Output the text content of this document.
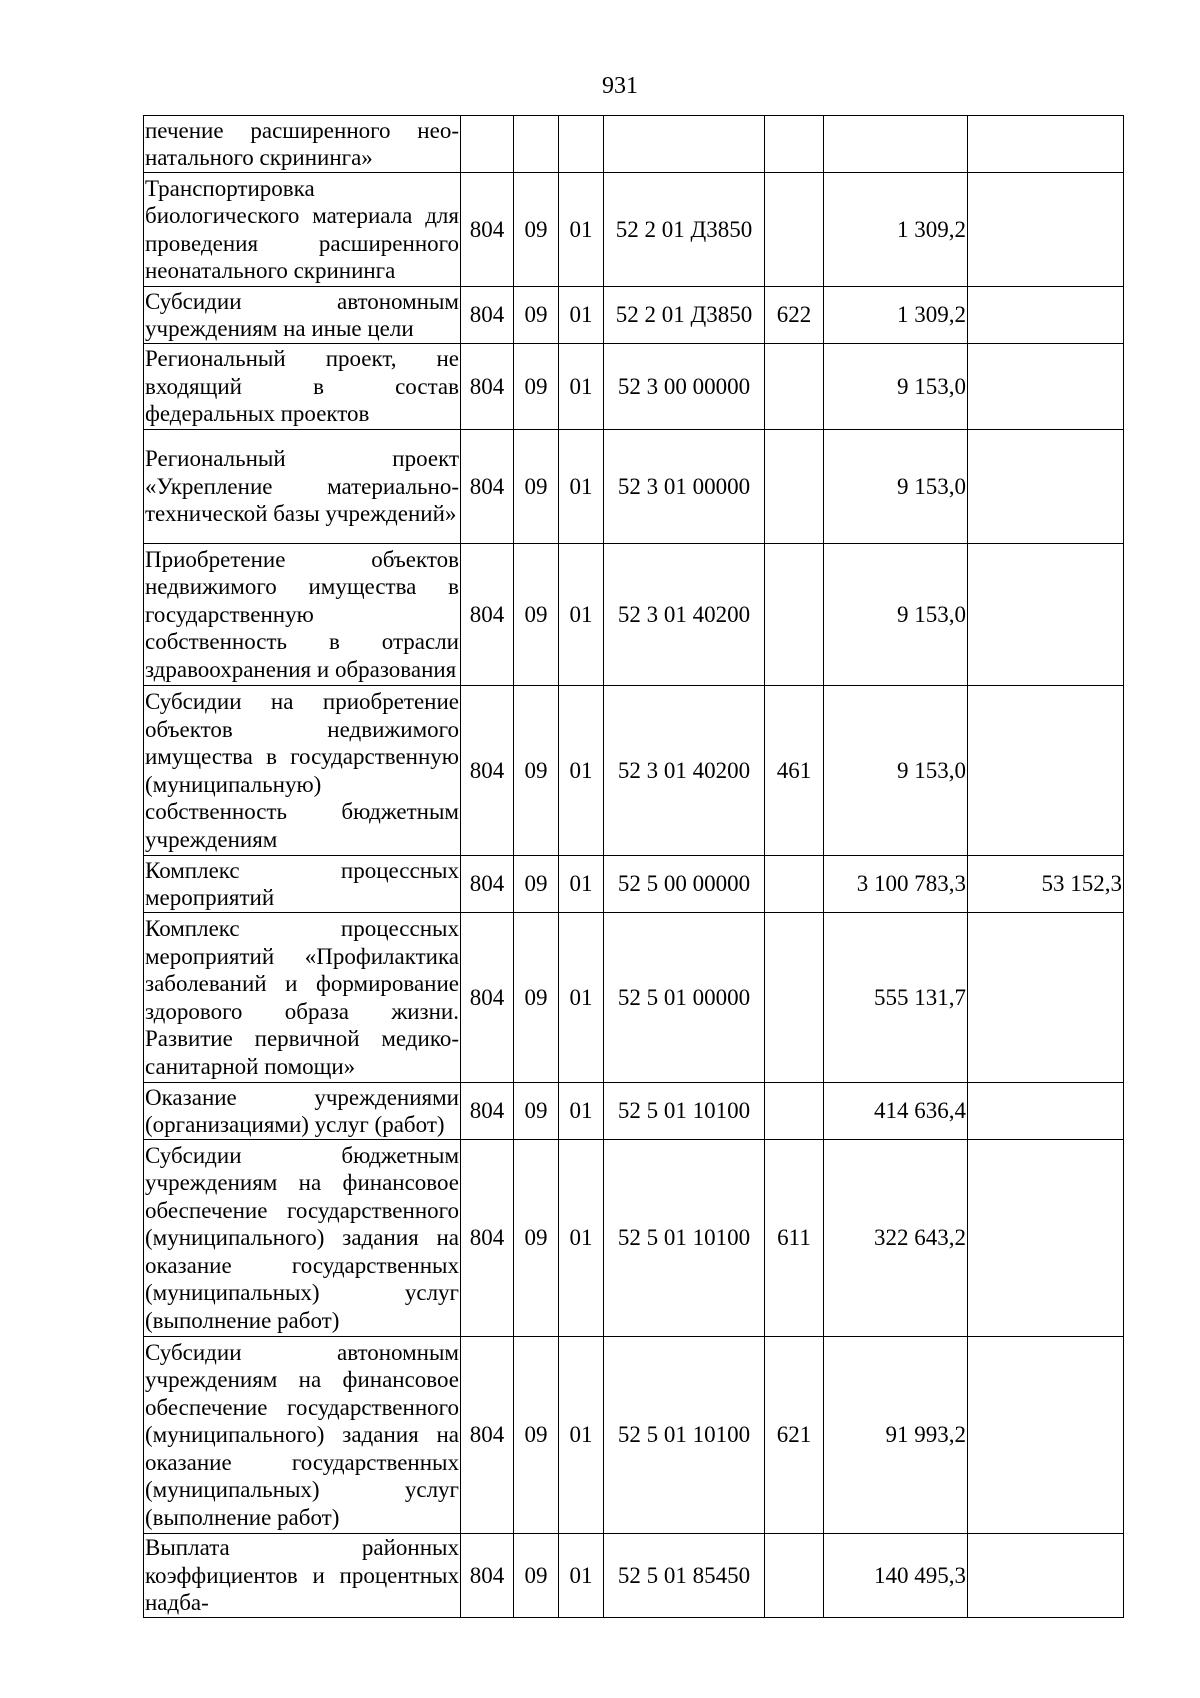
931
печение расширенного нео-натального скрининга»							
Транспортировка биологического материала для проведения расширенного неонатального скрининга	804	09	01	52 2 01 Д3850		1 309,2	
Субсидии автономным учреждениям на иные цели	804	09	01	52 2 01 Д3850	622	1 309,2	
Региональный проект, не входящий в состав федеральных проектов	804	09	01	52 3 00 00000		9 153,0	
Региональный проект «Укрепление материально-технической базы учреждений»	804	09	01	52 3 01 00000		9 153,0	
Приобретение объектов недвижимого имущества в государственную собственность в отрасли здравоохранения и образования	804	09	01	52 3 01 40200		9 153,0	
Субсидии на приобретение объектов недвижимого имущества в государственную (муниципальную) собственность бюджетным учреждениям	804	09	01	52 3 01 40200	461	9 153,0	
Комплекс процессных мероприятий	804	09	01	52 5 00 00000		3 100 783,3	53 152,3
Комплекс процессных мероприятий «Профилактика заболеваний и формирование здорового образа жизни. Развитие первичной медико-санитарной помощи»	804	09	01	52 5 01 00000		555 131,7	
Оказание учреждениями (организациями) услуг (работ)	804	09	01	52 5 01 10100		414 636,4	
Субсидии бюджетным учреждениям на финансовое обеспечение государственного (муниципального) задания на оказание государственных (муниципальных) услуг (выполнение работ)	804	09	01	52 5 01 10100	611	322 643,2	
Субсидии автономным учреждениям на финансовое обеспечение государственного (муниципального) задания на оказание государственных (муниципальных) услуг (выполнение работ)	804	09	01	52 5 01 10100	621	91 993,2	
Выплата районных коэффициентов и процентных надба-	804	09	01	52 5 01 85450		140 495,3	
